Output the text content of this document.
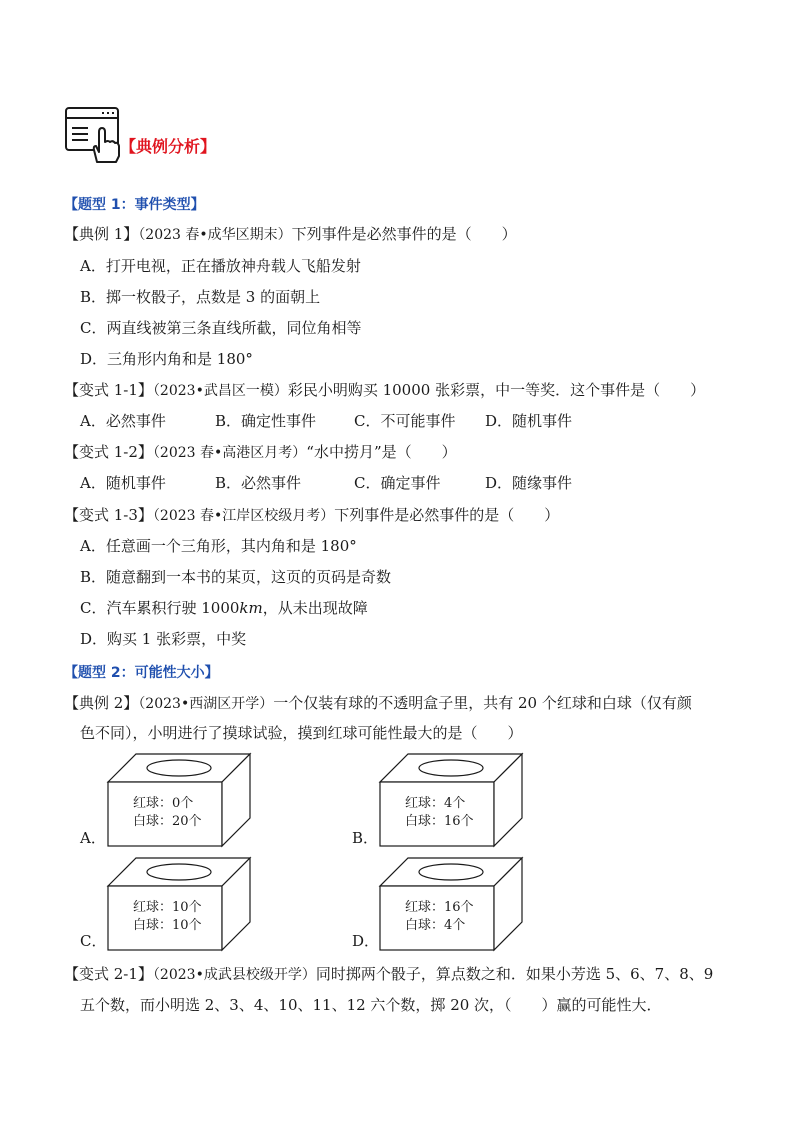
【典例分析】
【题型 1：事件类型】
【典例 1】（2023 春•成华区期末）下列事件是必然事件的是（　　）
A．打开电视，正在播放神舟载人飞船发射
B．掷一枚骰子，点数是 3 的面朝上
C．两直线被第三条直线所截，同位角相等
D．三角形内角和是 180°
【变式 1-1】（2023•武昌区一模）彩民小明购买 10000 张彩票，中一等奖．这个事件是（　　）
A．必然事件	B．确定性事件	C．不可能事件 D．随机事件
【变式 1-2】（2023 春•高港区月考）“水中捞月”是（　　）
A．随机事件	B．必然事件	C．确定事件	D．随缘事件
【变式 1-3】（2023 春•江岸区校级月考）下列事件是必然事件的是（　　）
A．任意画一个三角形，其内角和是 180°
B．随意翻到一本书的某页，这页的页码是奇数
C．汽车累积行驶 1000km，从未出现故障
D．购买 1 张彩票，中奖
【题型 2：可能性大小】
【典例 2】（2023•西湖区开学）一个仅装有球的不透明盒子里，共有 20 个红球和白球（仅有颜
色不同），小明进行了摸球试验，摸到红球可能性最大的是（　　）
A．
红球：0个
白球：20个
B．
红球：4个
白球：16个
C．
红球：10个
白球：10个
D．
红球：16个
白球：4个
【变式 2-1】（2023•成武县校级开学）同时掷两个骰子，算点数之和．如果小芳选 5、6、7、8、9
五个数，而小明选 2、3、4、10、11、12 六个数，掷 20 次，（　　）赢的可能性大．
